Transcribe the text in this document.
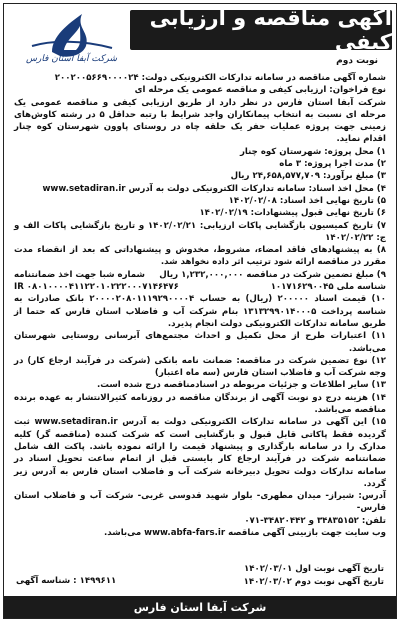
شرکت آبفا استان فارس
آگهی مناقصه و ارزیابی کیفی
نوبت دوم

شماره آگهی مناقصه در سامانه تدارکات الکترونیکی دولت: ۲۰۰۲۰۰۵۶۶۹۰۰۰۰۲۴

نوع فراخوان: ارزیابی کیفی و مناقصه عمومی یک مرحله ای

شرکت آبفا استان فارس در نظر دارد از طریق ارزیابی کیفی و مناقصه عمومی یک مرحله ای نسبت به انتخاب پیمانکاران واجد شرایط با رتبه حداقل ۵ در رشته کاوش‌های زمینی جهت پروژه عملیات حفر یک حلقه چاه در روستای پاوون شهرستان کوه چنار اقدام نماید.

۱) محل پروژه: شهرستان کوه چنار

۲) مدت اجرا پروژه: ۳ ماه

۳) مبلغ برآورد: ۲۴,۶۵۸,۵۷۷,۷۰۹ ریال

۴) محل اخذ اسناد: سامانه تدارکات الکترونیکی دولت به آدرس www.setadiran.ir

۵) تاریخ نهایی اخذ اسناد: ۱۴۰۲/۰۲/۰۸

۶) تاریخ نهایی قبول پیشنهادات: ۱۴۰۲/۰۲/۱۹

۷) تاریخ کمیسیون بازگشایی پاکات ارزیابی: ۱۴۰۲/۰۲/۲۱ و تاریخ بازگشایی پاکات الف و ج: ۱۴۰۲/۰۲/۲۲

۸) به پیشنهادهای فاقد امضاء، مشروط، مخدوش و پیشنهاداتی که بعد از انقضاء مدت مقرر در مناقصه ارائه شود ترتیب اثر داده نخواهد شد.

۹) مبلغ تضمین شرکت در مناقصه ۱,۲۳۲,۰۰۰,۰۰۰ ریال
شماره شبا جهت اخذ ضمانتنامه
شناسه ملی ۱۰۱۷۱۶۲۹۰۰۴۵
IR ۰۸۰۱۰۰۰۰۴۱۱۲۲۰۱۰۲۲۲۰۰۰۷۱۴۶۴۷۶

۱۰) قیمت اسناد ۲۰۰۰۰۰ (ریال) به حساب ۲۰۰۰۰۲۰۸۰۱۱۱۹۲۹۰۰۰۰۴ بانک صادرات به شناسه پرداخت ۱۳۱۳۲۹۹۰۱۴۰۰۰۵ بنام شرکت آب و فاضلاب استان فارس که حتما از طریق سامانه تدارکات الکترونیکی دولت انجام پذیرد.

۱۱) اعتبارات طرح از محل تکمیل و احداث مجتمع‌های آبرسانی روستایی شهرستان می‌باشد.

۱۲) نوع تضمین شرکت در مناقصه: ضمانت نامه بانکی (شرکت در فرآیند ارجاع کار) در وجه شرکت آب و فاضلاب استان فارس (سه ماه اعتبار)

۱۳) سایر اطلاعات و جزئیات مربوطه در اسنادمناقصه درج شده است.

۱۴) هزینه درج دو نوبت آگهی از برندگان مناقصه در روزنامه کثیرالانتشار به عهده برنده مناقصه می‌باشد.

۱۵) این آگهی در سامانه تدارکات الکترونیکی دولت به آدرس www.setadiran.ir ثبت گردیده فقط پاکاتی قابل قبول و بازگشایی است که شرکت کننده (مناقصه گر) کلیه مدارک را در سامانه بارگذاری و پیشنهاد قیمت را ارائه نموده باشد. پاکت الف شامل ضمانتنامه شرکت در فرآیند ارجاع کار بایستی قبل از اتمام ساعت تحویل اسناد در سامانه تدارکات دولت تحویل دبیرخانه شرکت آب و فاضلاب استان فارس به آدرس زیر گردد.

آدرس: شیراز- میدان مطهری- بلوار شهید قدوسی غربی- شرکت آب و فاضلاب استان فارس-

تلفن: ۳۴۸۳۵۱۵۲ و ۳۴۸۲۰۴۴۲-۰۷۱

وب سایت جهت بازبینی آگهی مناقصه www.abfa-fars.ir می‌باشد.

تاریخ آگهی نوبت اول ۱۴۰۲/۰۳/۰۱
تاریخ آگهی نوبت دوم ۱۴۰۲/۰۳/۰۲
۱۴۹۹۶۱۱ : شناسه آگهی
شرکت آبفا استان فارس
